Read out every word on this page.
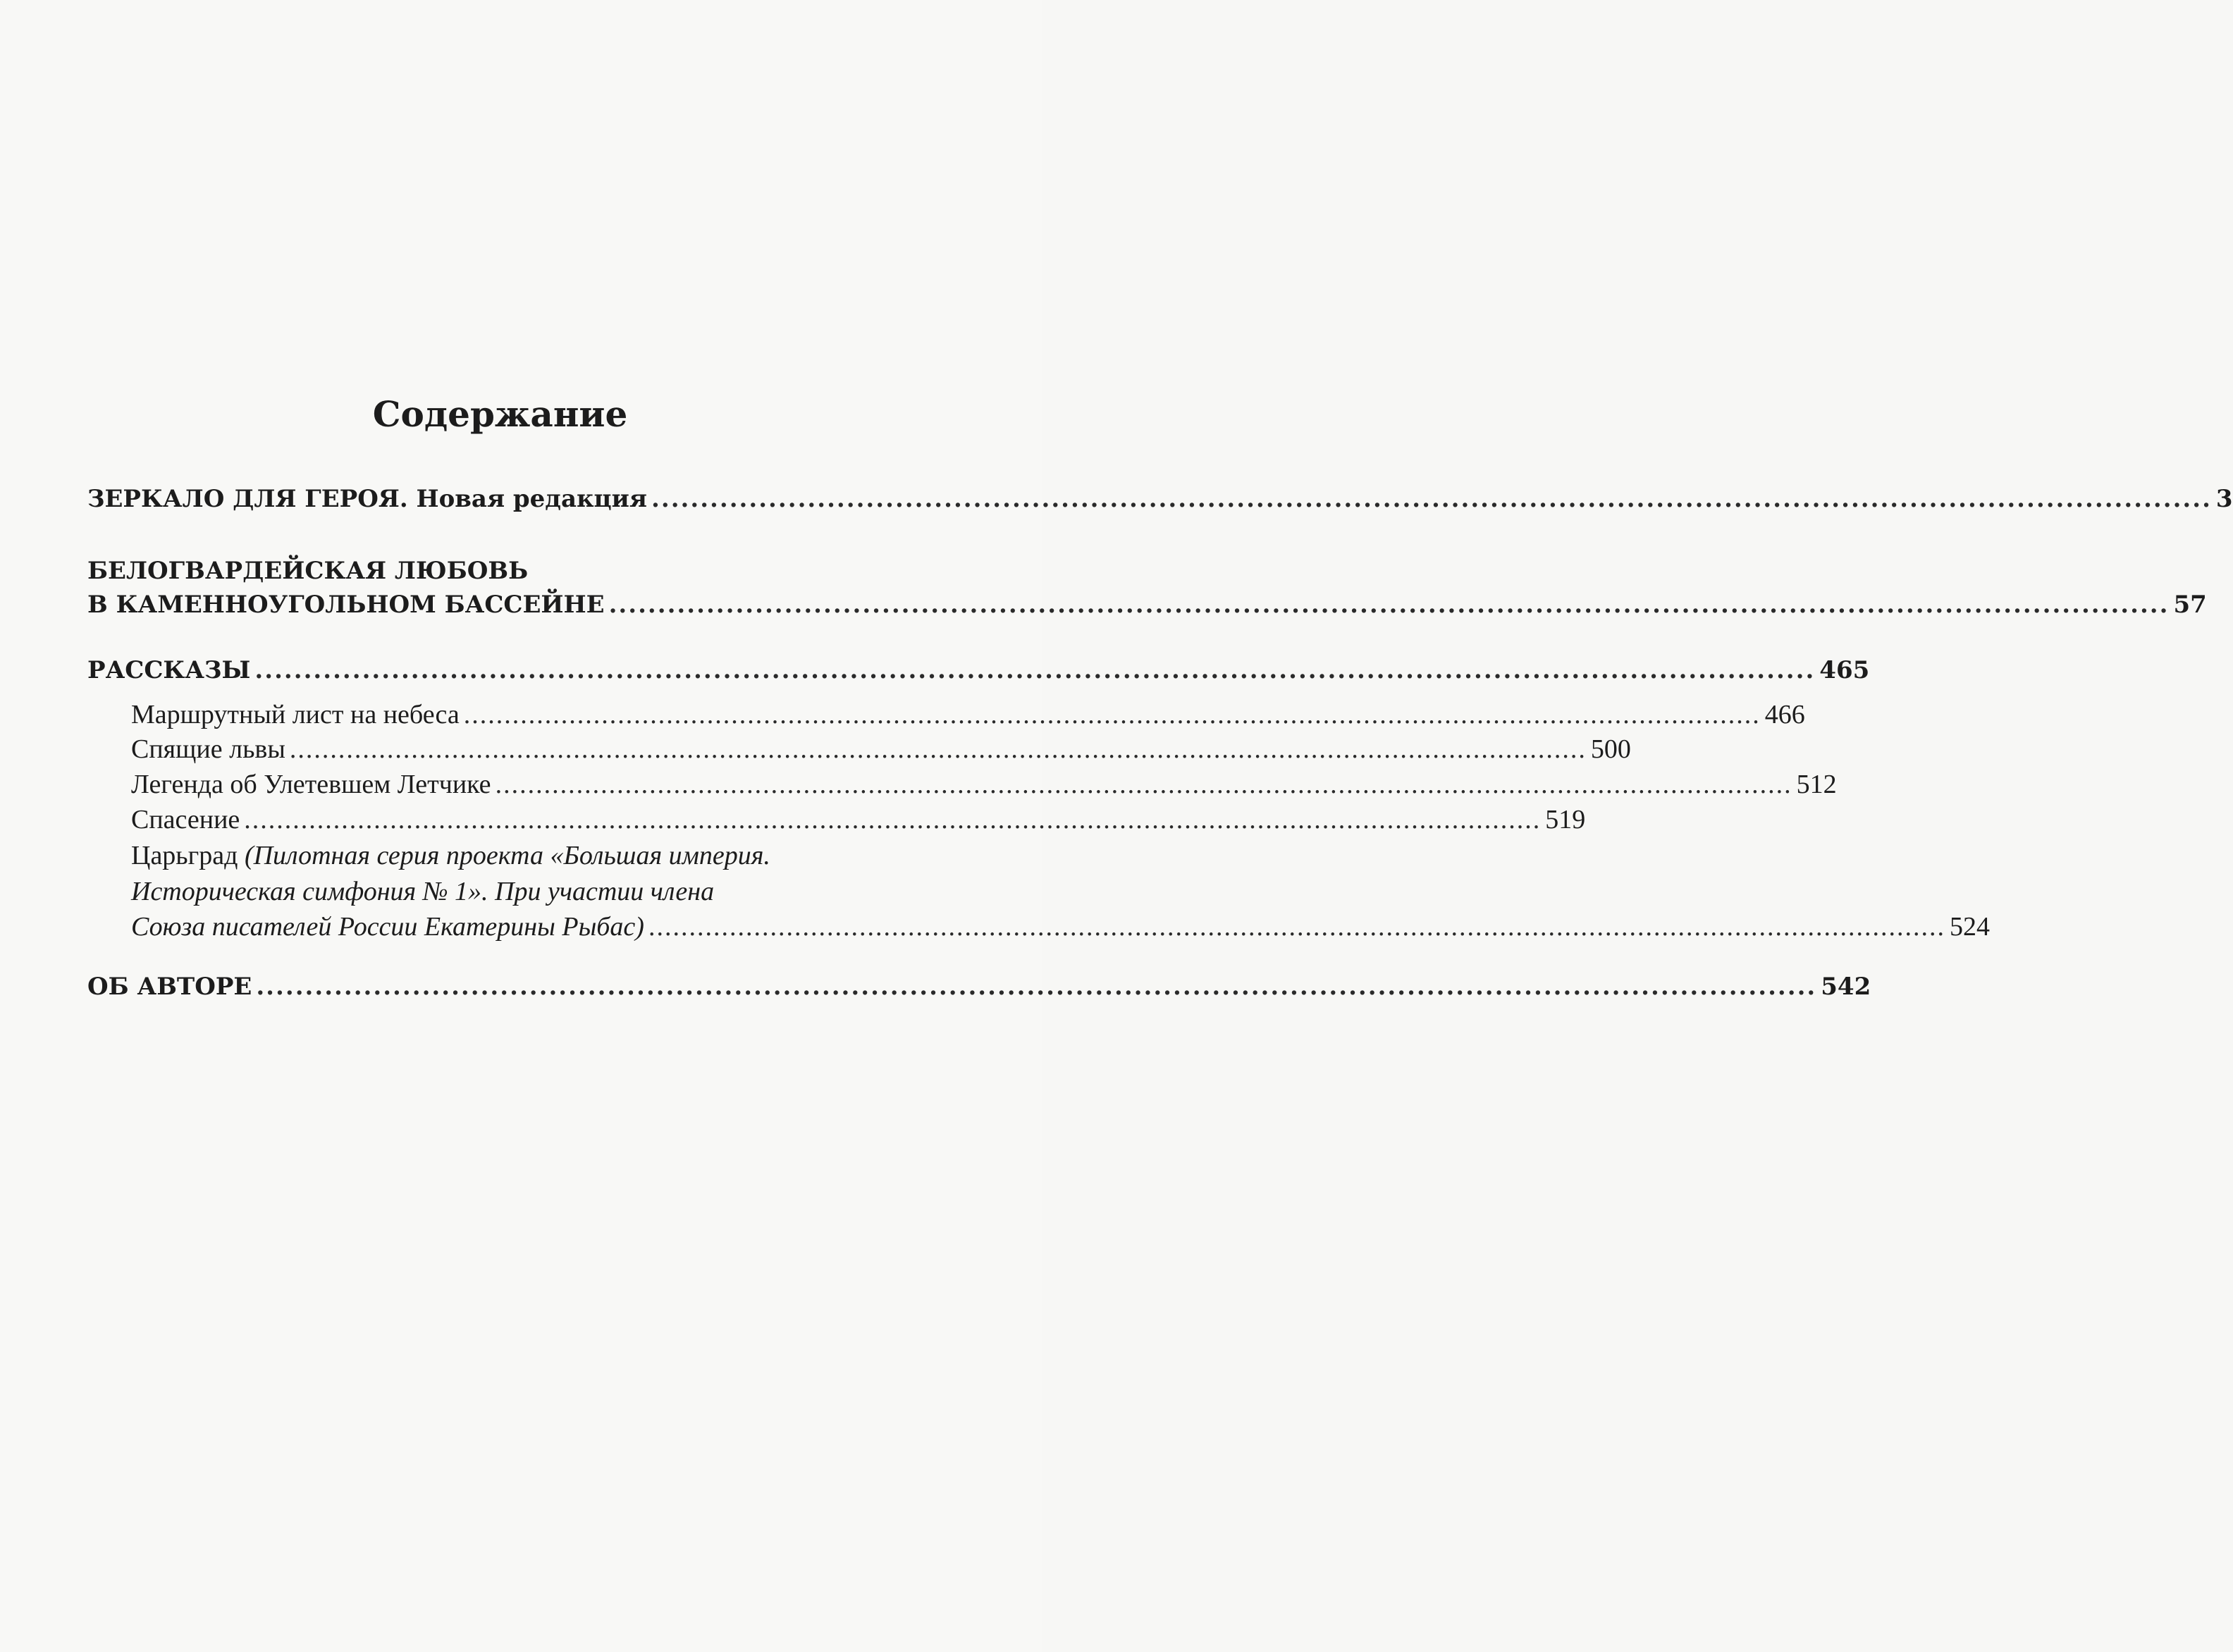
Содержание
ЗЕРКАЛО ДЛЯ ГЕРОЯ. Новая редакция ................................................................................................................................................................ 3
БЕЛОГВАРДЕЙСКАЯ ЛЮБОВЬ
В КАМЕННОУГОЛЬНОМ БАССЕЙНЕ ................................................................................................................................................................ 57
РАССКАЗЫ ................................................................................................................................................................ 465
Маршрутный лист на небеса ................................................................................................................................................................ 466
Спящие львы ................................................................................................................................................................ 500
Легенда об Улетевшем Летчике ................................................................................................................................................................ 512
Спасение ................................................................................................................................................................ 519
Царьград (Пилотная серия проекта «Большая империя.
Историческая симфония № 1». При участии члена
Союза писателей России Екатерины Рыбас) ................................................................................................................................................................ 524
ОБ АВТОРЕ ................................................................................................................................................................ 542
